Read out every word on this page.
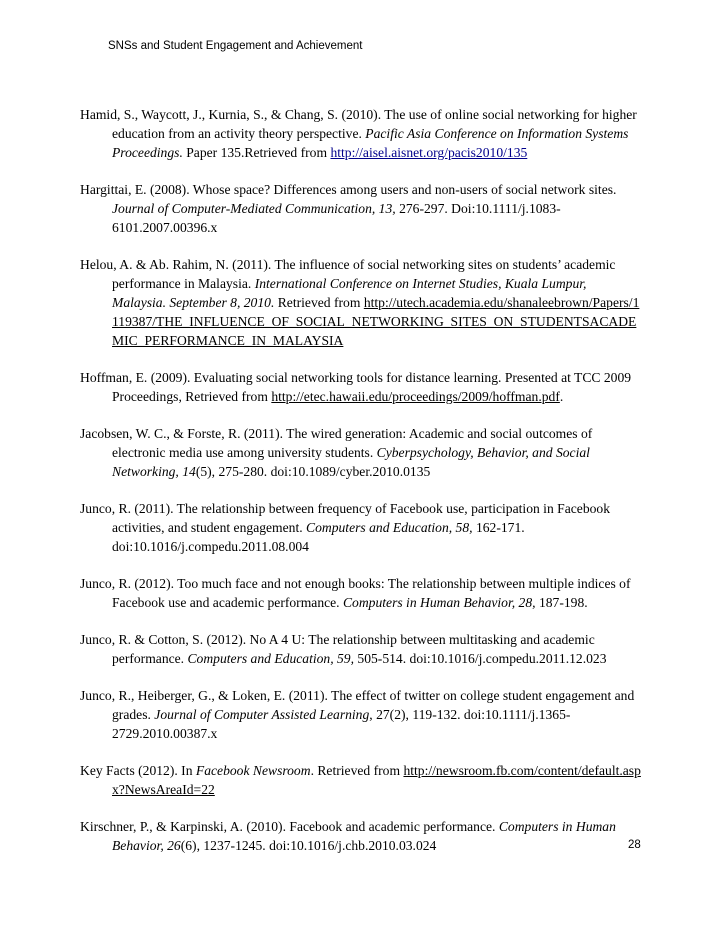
SNSs and Student Engagement and Achievement

Hamid, S., Waycott, J., Kurnia, S., & Chang, S. (2010). The use of online social networking for higher education from an activity theory perspective. Pacific Asia Conference on Information Systems Proceedings. Paper 135.Retrieved from http://aisel.aisnet.org/pacis2010/135

Hargittai, E. (2008). Whose space? Differences among users and non-users of social network sites. Journal of Computer-Mediated Communication, 13, 276-297. Doi:10.1111/j.1083-6101.2007.00396.x

Helou, A. & Ab. Rahim, N. (2011). The influence of social networking sites on students’ academic performance in Malaysia. International Conference on Internet Studies, Kuala Lumpur, Malaysia. September 8, 2010. Retrieved from http://utech.academia.edu/shanaleebrown/Papers/1119387/THE_INFLUENCE_OF_SOCIAL_NETWORKING_SITES_ON_STUDENTSACADEMIC_PERFORMANCE_IN_MALAYSIA

Hoffman, E. (2009). Evaluating social networking tools for distance learning. Presented at TCC 2009 Proceedings, Retrieved from http://etec.hawaii.edu/proceedings/2009/hoffman.pdf.

Jacobsen, W. C., & Forste, R. (2011). The wired generation: Academic and social outcomes of electronic media use among university students. Cyberpsychology, Behavior, and Social Networking, 14(5), 275-280. doi:10.1089/cyber.2010.0135

Junco, R. (2011). The relationship between frequency of Facebook use, participation in Facebook activities, and student engagement. Computers and Education, 58, 162-171. doi:10.1016/j.compedu.2011.08.004

Junco, R. (2012). Too much face and not enough books: The relationship between multiple indices of Facebook use and academic performance. Computers in Human Behavior, 28, 187-198.

Junco, R. & Cotton, S. (2012). No A 4 U: The relationship between multitasking and academic performance. Computers and Education, 59, 505-514. doi:10.1016/j.compedu.2011.12.023

Junco, R., Heiberger, G., & Loken, E. (2011). The effect of twitter on college student engagement and grades. Journal of Computer Assisted Learning, 27(2), 119-132. doi:10.1111/j.1365-2729.2010.00387.x

Key Facts (2012). In Facebook Newsroom. Retrieved from http://newsroom.fb.com/content/default.aspx?NewsAreaId=22

Kirschner, P., & Karpinski, A. (2010). Facebook and academic performance. Computers in Human Behavior, 26(6), 1237-1245. doi:10.1016/j.chb.2010.03.024	28
